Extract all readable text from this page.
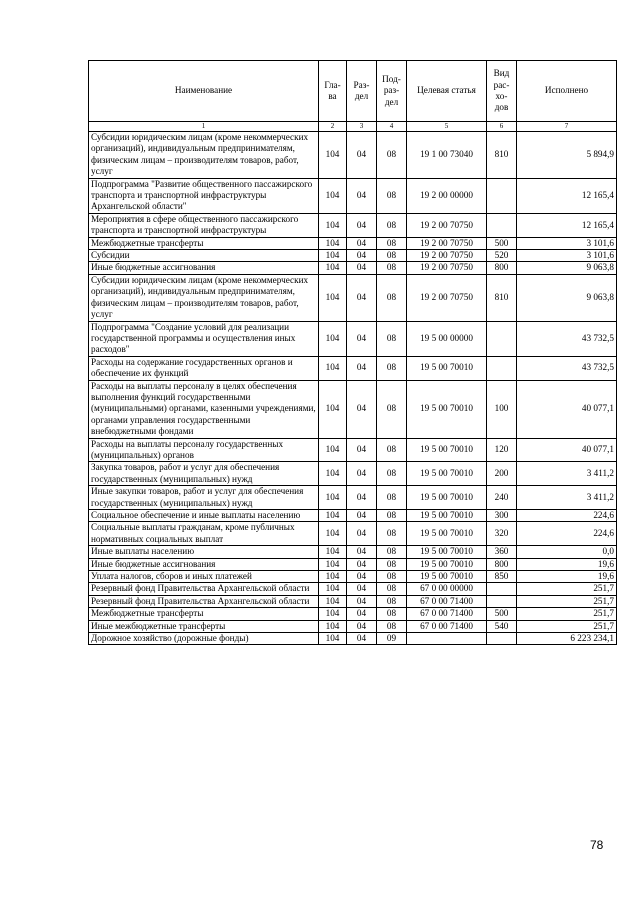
Наименование	Гла-ва	Раз-дел	Под-раз-дел	Целевая статья	Вид рас-хо-дов	Исполнено
1	2	3	4	5	6	7
Субсидии юридическим лицам (кроме некоммерческих организаций), индивидуальным предпринимателям, физическим лицам – производителям товаров, работ, услуг	104	04	08	19 1 00 73040	810	5 894,9
Подпрограмма "Развитие общественного пассажирского транспорта и транспортной инфраструктуры Архангельской области"	104	04	08	19 2 00 00000		12 165,4
Мероприятия в сфере общественного пассажирского транспорта и транспортной инфраструктуры	104	04	08	19 2 00 70750		12 165,4
Межбюджетные трансферты	104	04	08	19 2 00 70750	500	3 101,6
Субсидии	104	04	08	19 2 00 70750	520	3 101,6
Иные бюджетные ассигнования	104	04	08	19 2 00 70750	800	9 063,8
Субсидии юридическим лицам (кроме некоммерческих организаций), индивидуальным предпринимателям, физическим лицам – производителям товаров, работ, услуг	104	04	08	19 2 00 70750	810	9 063,8
Подпрограмма "Создание условий для реализации государственной программы и осуществления иных расходов"	104	04	08	19 5 00 00000		43 732,5
Расходы на содержание государственных органов и обеспечение их функций	104	04	08	19 5 00 70010		43 732,5
Расходы на выплаты персоналу в целях обеспечения выполнения функций государственными (муниципальными) органами, казенными учреждениями, органами управления государственными внебюджетными фондами	104	04	08	19 5 00 70010	100	40 077,1
Расходы на выплаты персоналу государственных (муниципальных) органов	104	04	08	19 5 00 70010	120	40 077,1
Закупка товаров, работ и услуг для обеспечения государственных (муниципальных) нужд	104	04	08	19 5 00 70010	200	3 411,2
Иные закупки товаров, работ и услуг для обеспечения государственных (муниципальных) нужд	104	04	08	19 5 00 70010	240	3 411,2
Социальное обеспечение и иные выплаты населению	104	04	08	19 5 00 70010	300	224,6
Социальные выплаты гражданам, кроме публичных нормативных социальных выплат	104	04	08	19 5 00 70010	320	224,6
Иные выплаты населению	104	04	08	19 5 00 70010	360	0,0
Иные бюджетные ассигнования	104	04	08	19 5 00 70010	800	19,6
Уплата налогов, сборов и иных платежей	104	04	08	19 5 00 70010	850	19,6
Резервный фонд Правительства Архангельской области	104	04	08	67 0 00 00000		251,7
Резервный фонд Правительства Архангельской области	104	04	08	67 0 00 71400		251,7
Межбюджетные трансферты	104	04	08	67 0 00 71400	500	251,7
Иные межбюджетные трансферты	104	04	08	67 0 00 71400	540	251,7
Дорожное хозяйство (дорожные фонды)	104	04	09			6 223 234,1
78
